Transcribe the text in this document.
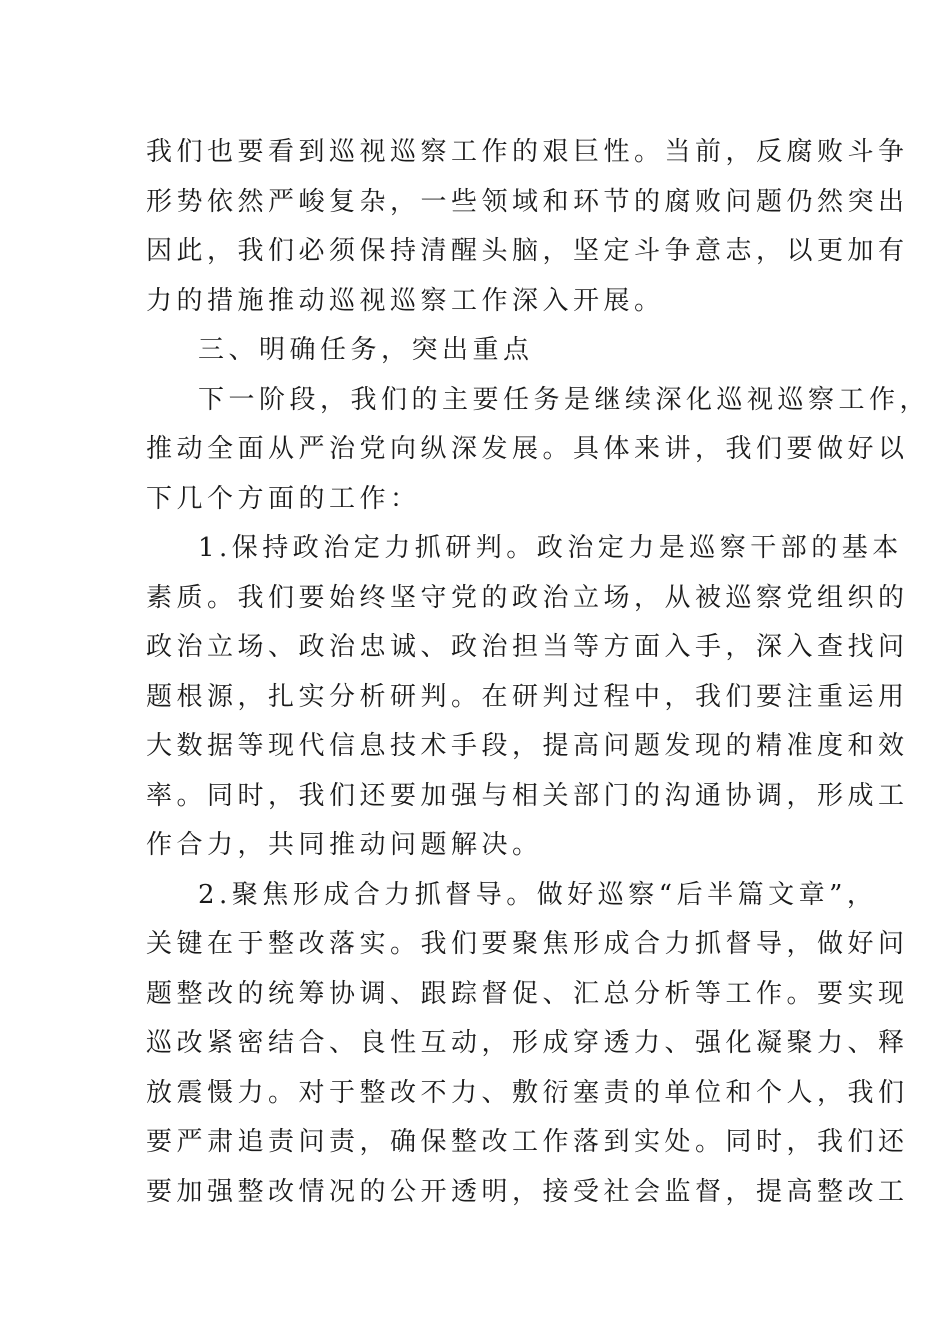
我们也要看到巡视巡察工作的艰巨性。当前，反腐败斗争
形势依然严峻复杂，一些领域和环节的腐败问题仍然突出
因此，我们必须保持清醒头脑，坚定斗争意志，以更加有
力的措施推动巡视巡察工作深入开展。
三、明确任务，突出重点
下一阶段，我们的主要任务是继续深化巡视巡察工作，
推动全面从严治党向纵深发展。具体来讲，我们要做好以
下几个方面的工作：
1.保持政治定力抓研判。政治定力是巡察干部的基本
素质。我们要始终坚守党的政治立场，从被巡察党组织的
政治立场、政治忠诚、政治担当等方面入手，深入查找问
题根源，扎实分析研判。在研判过程中，我们要注重运用
大数据等现代信息技术手段，提高问题发现的精准度和效
率。同时，我们还要加强与相关部门的沟通协调，形成工
作合力，共同推动问题解决。
2.聚焦形成合力抓督导。做好巡察“后半篇文章”，
关键在于整改落实。我们要聚焦形成合力抓督导，做好问
题整改的统筹协调、跟踪督促、汇总分析等工作。要实现
巡改紧密结合、良性互动，形成穿透力、强化凝聚力、释
放震慑力。对于整改不力、敷衍塞责的单位和个人，我们
要严肃追责问责，确保整改工作落到实处。同时，我们还
要加强整改情况的公开透明，接受社会监督，提高整改工
